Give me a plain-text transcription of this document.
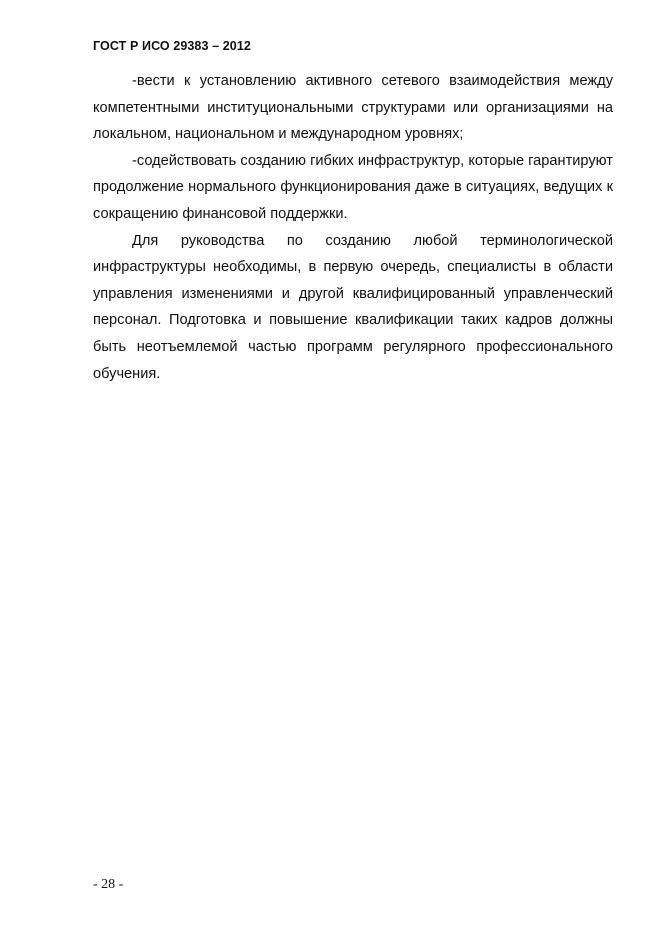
ГОСТ Р ИСО 29383 – 2012

-вести к установлению активного сетевого взаимодействия между компетентными институциональными структурами или организациями на локальном, национальном и международном уровнях;

-содействовать созданию гибких инфраструктур, которые гарантируют продолжение нормального функционирования даже в ситуациях, ведущих к сокращению финансовой поддержки.

Для руководства по созданию любой терминологической инфраструктуры необходимы, в первую очередь, специалисты в области управления изменениями и другой квалифицированный управленческий персонал. Подготовка и повышение квалификации таких кадров должны быть неотъемлемой частью программ регулярного профессионального обучения.

- 28 -
